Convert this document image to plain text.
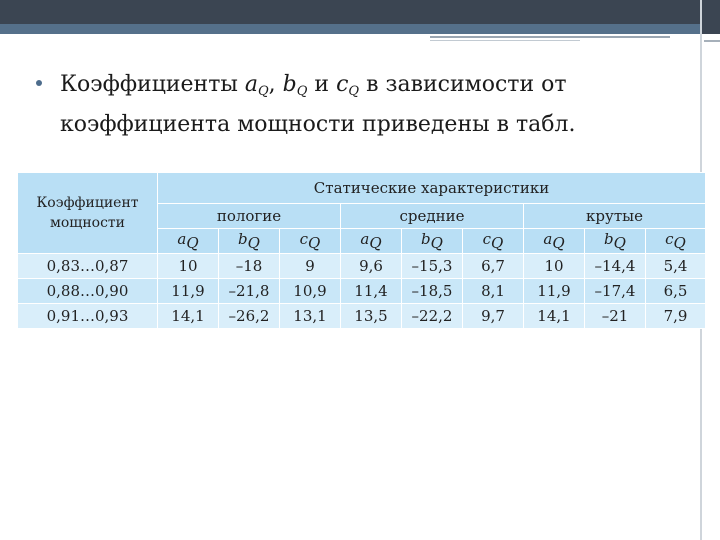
Коэффициенты $a_Q$, $b_Q$ и $c_Q$ в зависимости от
коэффициента мощности приведены в табл.
Коэффициент мощности	Статические характеристики								
	пологие			средние			крутые		
	$a_Q$	$b_Q$	$c_Q$	$a_Q$	$b_Q$	$c_Q$	$a_Q$	$b_Q$	$c_Q$
0,83…0,87	10	–18	9	9,6	–15,3	6,7	10	–14,4	5,4
0,88…0,90	11,9	–21,8	10,9	11,4	–18,5	8,1	11,9	–17,4	6,5
0,91…0,93	14,1	–26,2	13,1	13,5	–22,2	9,7	14,1	–21	7,9
